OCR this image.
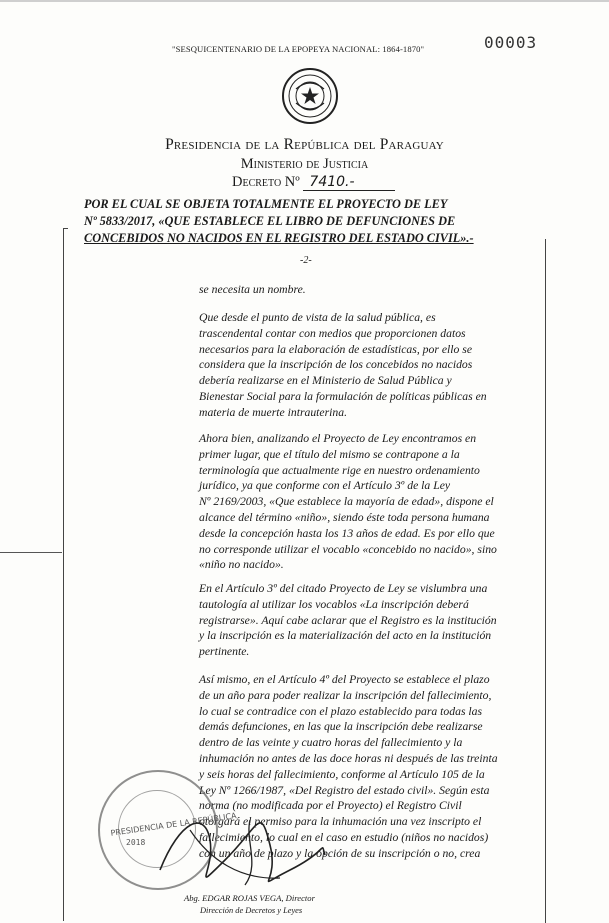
"SESQUICENTENARIO DE LA EPOPEYA NACIONAL: 1864-1870"	00003
Presidencia de la República del Paraguay
Ministerio de Justicia
Decreto Nº 7410.-
POR EL CUAL SE OBJETA TOTALMENTE EL PROYECTO DE LEY
Nº 5833/2017, «QUE ESTABLECE EL LIBRO DE DEFUNCIONES DE
CONCEBIDOS NO NACIDOS EN EL REGISTRO DEL ESTADO CIVIL».-
-2-
se necesita un nombre.
Que desde el punto de vista de la salud pública, es
trascendental contar con medios que proporcionen datos
necesarios para la elaboración de estadísticas, por ello se
considera que la inscripción de los concebidos no nacidos
debería realizarse en el Ministerio de Salud Pública y
Bienestar Social para la formulación de políticas públicas en
materia de muerte intrauterina.
Ahora bien, analizando el Proyecto de Ley encontramos en
primer lugar, que el título del mismo se contrapone a la
terminología que actualmente rige en nuestro ordenamiento
jurídico, ya que conforme con el Artículo 3º de la Ley
Nº 2169/2003, «Que establece la mayoría de edad», dispone el
alcance del término «niño», siendo éste toda persona humana
desde la concepción hasta los 13 años de edad. Es por ello que
no corresponde utilizar el vocablo «concebido no nacido», sino
«niño no nacido».
En el Artículo 3º del citado Proyecto de Ley se vislumbra una
tautología al utilizar los vocablos «La inscripción deberá
registrarse». Aquí cabe aclarar que el Registro es la institución
y la inscripción es la materialización del acto en la institución
pertinente.
Así mismo, en el Artículo 4º del Proyecto se establece el plazo
de un año para poder realizar la inscripción del fallecimiento,
lo cual se contradice con el plazo establecido para todas las
demás defunciones, en las que la inscripción debe realizarse
dentro de las veinte y cuatro horas del fallecimiento y la
inhumación no antes de las doce horas ni después de las treinta
y seis horas del fallecimiento, conforme al Artículo 105 de la
Ley Nº 1266/1987, «Del Registro del estado civil». Según esta
norma (no modificada por el Proyecto) el Registro Civil
otorgará el permiso para la inhumación una vez inscripto el
fallecimiento, lo cual en el caso en estudio (niños no nacidos)
con un año de plazo y la opción de su inscripción o no, crea
PRESIDENCIA DE LA REPÚBLICA
2018
Abg. EDGAR ROJAS VEGA, Director
Dirección de Decretos y Leyes
